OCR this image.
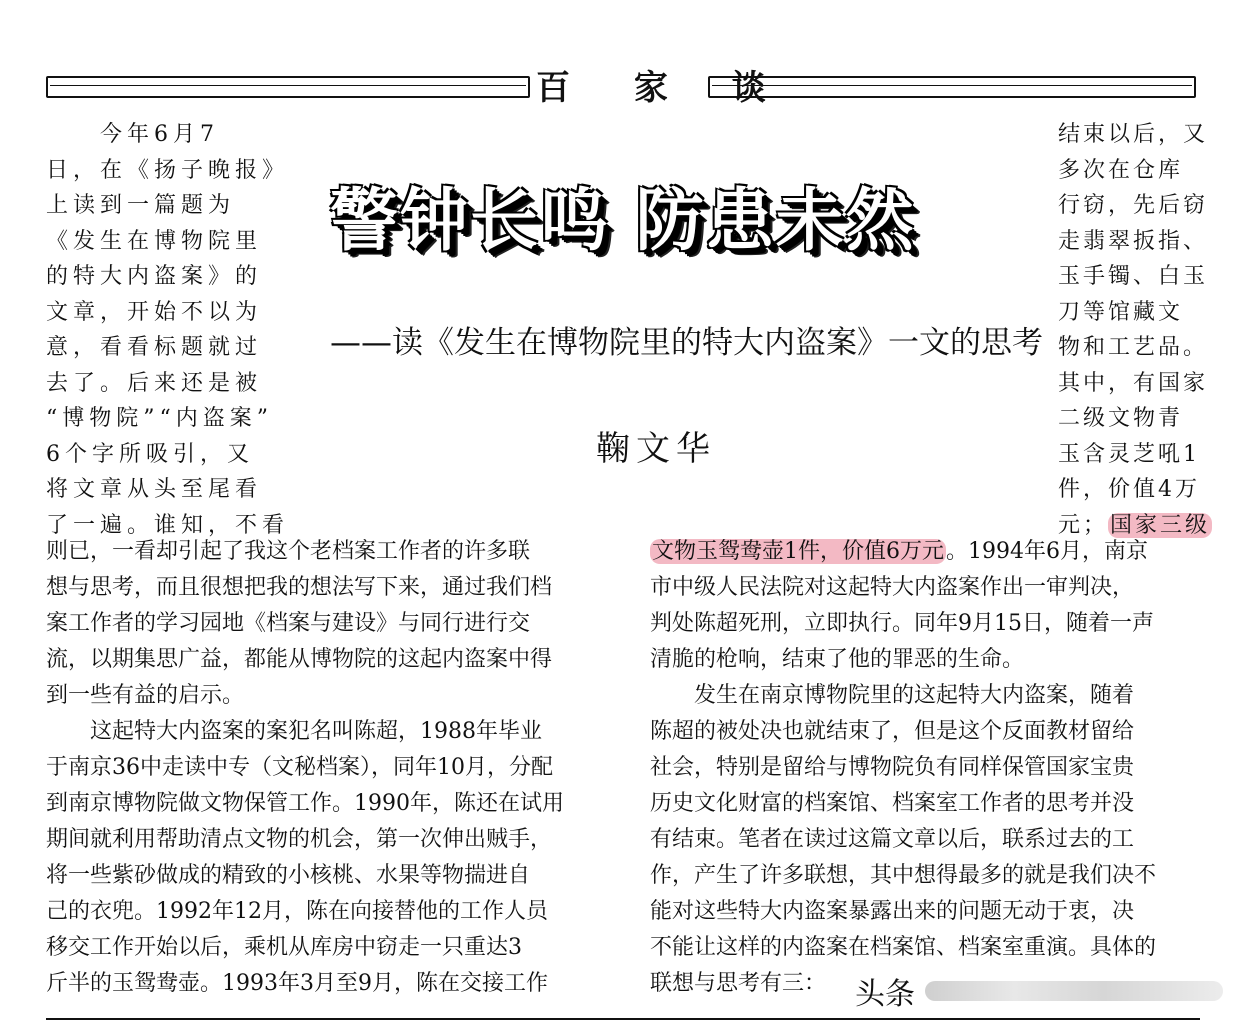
百 家 谈
　　今年6月7
日，在《扬子晚报》
上读到一篇题为
《发生在博物院里
的特大内盗案》的
文章，开始不以为
意，看看标题就过
去了。后来还是被
“博物院”“内盗案”
6个字所吸引，又
将文章从头至尾看
了一遍。谁知，不看
警钟长鸣 防患未然
——读《发生在博物院里的特大内盗案》一文的思考
鞠文华
结束以后，又
多次在仓库
行窃，先后窃
走翡翠扳指、
玉手镯、白玉
刀等馆藏文
物和工艺品。
其中，有国家
二级文物青
玉含灵芝吼1
件，价值4万
元；国家三级
则已，一看却引起了我这个老档案工作者的许多联
想与思考，而且很想把我的想法写下来，通过我们档
案工作者的学习园地《档案与建设》与同行进行交
流，以期集思广益，都能从博物院的这起内盗案中得
到一些有益的启示。
　　这起特大内盗案的案犯名叫陈超，1988年毕业
于南京36中走读中专（文秘档案），同年10月，分配
到南京博物院做文物保管工作。1990年，陈还在试用
期间就利用帮助清点文物的机会，第一次伸出贼手，
将一些紫砂做成的精致的小核桃、水果等物揣进自
己的衣兜。1992年12月，陈在向接替他的工作人员
移交工作开始以后，乘机从库房中窃走一只重达3
斤半的玉鸳鸯壶。1993年3月至9月，陈在交接工作
文物玉鸳鸯壶1件，价值6万元。1994年6月，南京
市中级人民法院对这起特大内盗案作出一审判决，
判处陈超死刑，立即执行。同年9月15日，随着一声
清脆的枪响，结束了他的罪恶的生命。
　　发生在南京博物院里的这起特大内盗案，随着
陈超的被处决也就结束了，但是这个反面教材留给
社会，特别是留给与博物院负有同样保管国家宝贵
历史文化财富的档案馆、档案室工作者的思考并没
有结束。笔者在读过这篇文章以后，联系过去的工
作，产生了许多联想，其中想得最多的就是我们决不
能对这些特大内盗案暴露出来的问题无动于衷，决
不能让这样的内盗案在档案馆、档案室重演。具体的
联想与思考有三： 头条
